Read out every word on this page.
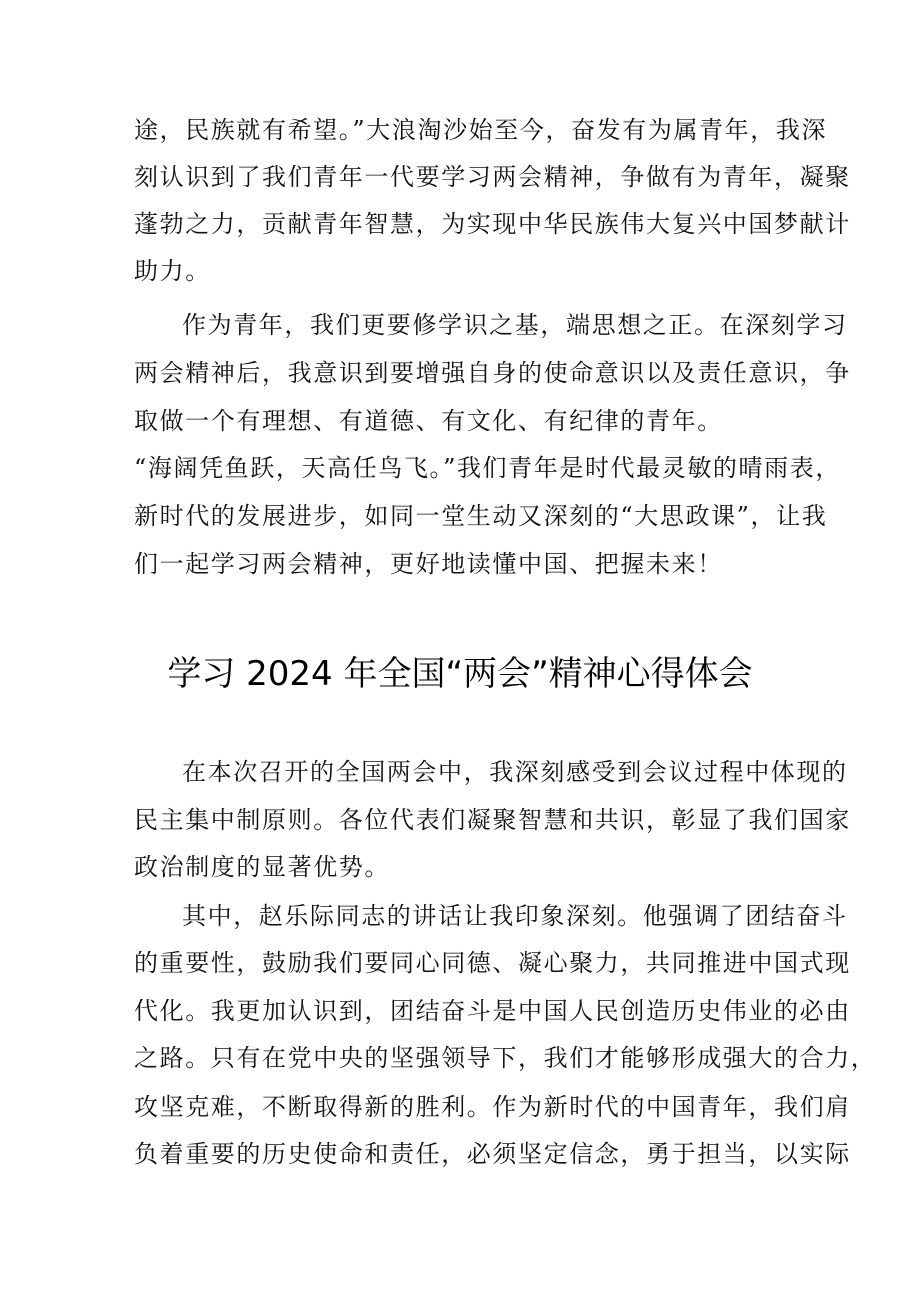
途，民族就有希望。”大浪淘沙始至今，奋发有为属青年，我深
刻认识到了我们青年一代要学习两会精神，争做有为青年，凝聚
蓬勃之力，贡献青年智慧，为实现中华民族伟大复兴中国梦献计
助力。
作为青年，我们更要修学识之基，端思想之正。在深刻学习
两会精神后，我意识到要增强自身的使命意识以及责任意识，争
取做一个有理想、有道德、有文化、有纪律的青年。
“海阔凭鱼跃，天高任鸟飞。”我们青年是时代最灵敏的晴雨表，
新时代的发展进步，如同一堂生动又深刻的“大思政课”，让我
们一起学习两会精神，更好地读懂中国、把握未来！
学习 2024 年全国“两会”精神心得体会
在本次召开的全国两会中，我深刻感受到会议过程中体现的
民主集中制原则。各位代表们凝聚智慧和共识，彰显了我们国家
政治制度的显著优势。
其中，赵乐际同志的讲话让我印象深刻。他强调了团结奋斗
的重要性，鼓励我们要同心同德、凝心聚力，共同推进中国式现
代化。我更加认识到，团结奋斗是中国人民创造历史伟业的必由
之路。只有在党中央的坚强领导下，我们才能够形成强大的合力，
攻坚克难，不断取得新的胜利。作为新时代的中国青年，我们肩
负着重要的历史使命和责任，必须坚定信念，勇于担当，以实际
